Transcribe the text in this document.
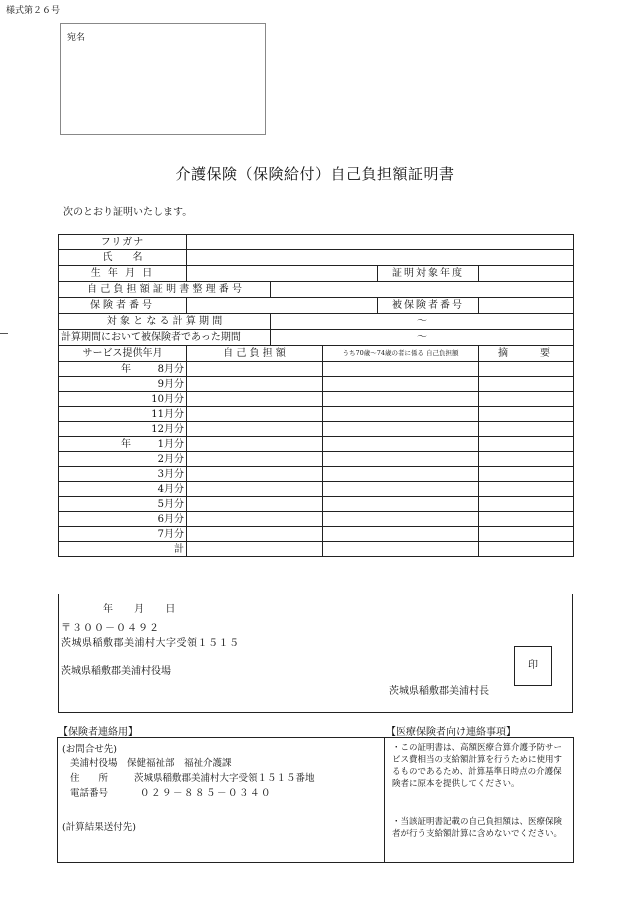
様式第２６号
宛名
介護保険（保険給付）自己負担額証明書
次のとおり証明いたします。
フリガナ					
氏　　名					
生 年 月 日				証明対象年度	
自 己 負 担 額 証 明 書 整 理 番 号					
保険者番号				被保険者番号	
対 象 と な る 計 算 期 間		～			
計算期間において被保険者であった期間		～			
サービス提供年月	自 己 負 担 額		うち70歳～74歳の者に係る 自己負担額		摘　　要

年 8月分					

9月分					

10月分					

11月分					

12月分					

年 1月分					

2月分					

3月分					

4月分					

5月分					

6月分					

7月分					

計					
年 月 日
〒３００－０４９２
茨城県稲敷郡美浦村大字受領１５１５
茨城県稲敷郡美浦村役場
茨城県稲敷郡美浦村長
印
【保険者連絡用】	【医療保険者向け連絡事項】
(お問合せ先)
美浦村役場　保健福祉部　福祉介護課
住　　所	茨城県稲敷郡美浦村大字受領１５１５番地
電話番号	０２９－８８５－０３４０
(計算結果送付先)
・この証明書は、高額医療合算介護予防サービス費相当の支給額計算を行うために使用するものであるため、計算基準日時点の介護保険者に原本を提供してください。
・当該証明書記載の自己負担額は、医療保険者が行う支給額計算に含めないでください。
